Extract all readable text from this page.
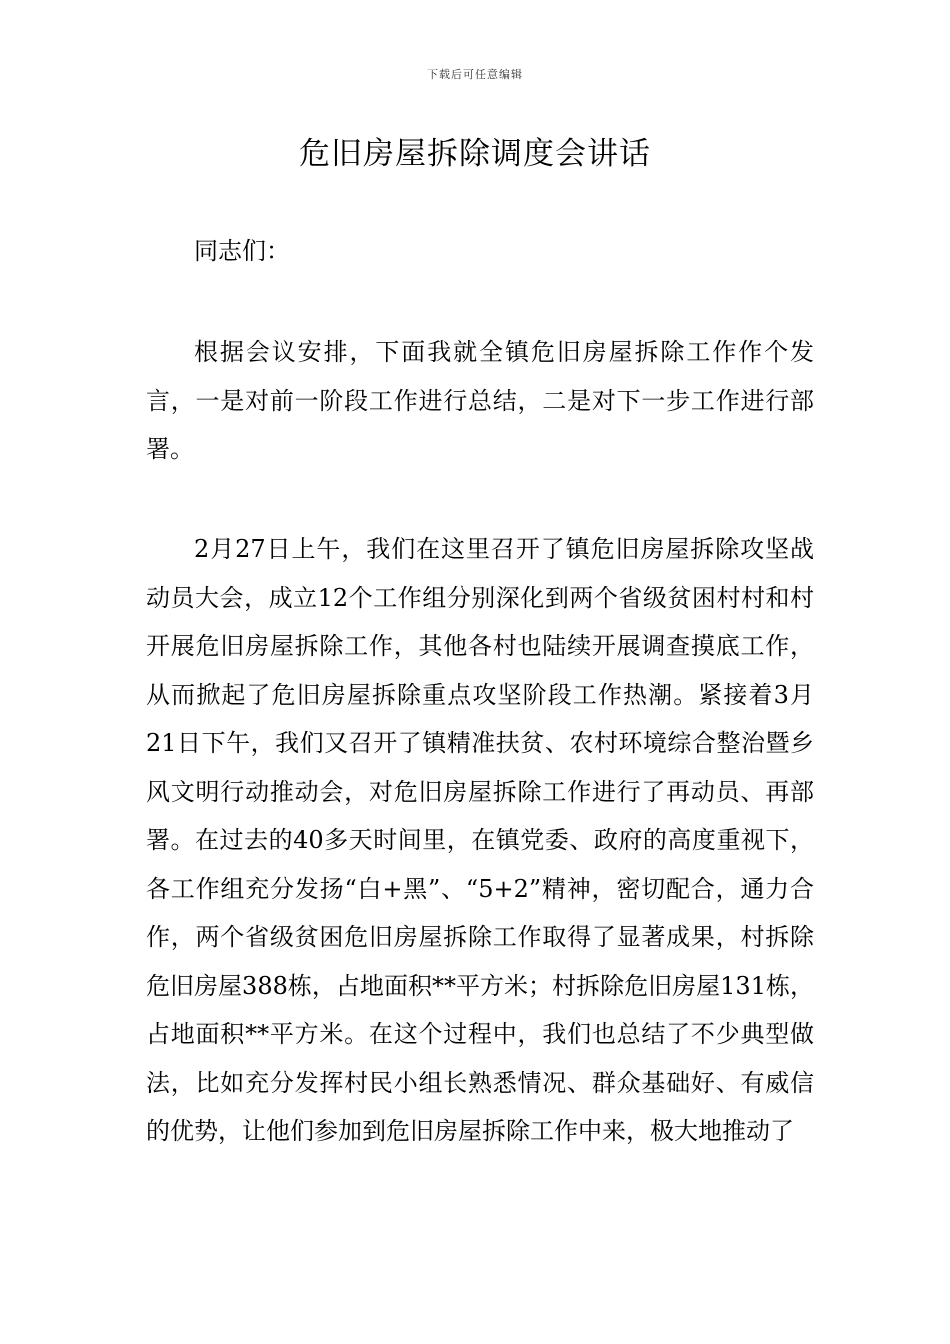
下载后可任意编辑
危旧房屋拆除调度会讲话

同志们：

根据会议安排，下面我就全镇危旧房屋拆除工作作个发言，一是对前一阶段工作进行总结，二是对下一步工作进行部署。

2月27日上午，我们在这里召开了镇危旧房屋拆除攻坚战动员大会，成立12个工作组分别深化到两个省级贫困村村和村开展危旧房屋拆除工作，其他各村也陆续开展调查摸底工作，从而掀起了危旧房屋拆除重点攻坚阶段工作热潮。紧接着3月21日下午，我们又召开了镇精准扶贫、农村环境综合整治暨乡风文明行动推动会，对危旧房屋拆除工作进行了再动员、再部署。在过去的40多天时间里，在镇党委、政府的高度重视下，各工作组充分发扬“白+黑”、“5+2”精神，密切配合，通力合作，两个省级贫困危旧房屋拆除工作取得了显著成果，村拆除危旧房屋388栋，占地面积**平方米；村拆除危旧房屋131栋，占地面积**平方米。在这个过程中，我们也总结了不少典型做法，比如充分发挥村民小组长熟悉情况、群众基础好、有威信的优势，让他们参加到危旧房屋拆除工作中来，极大地推动了
